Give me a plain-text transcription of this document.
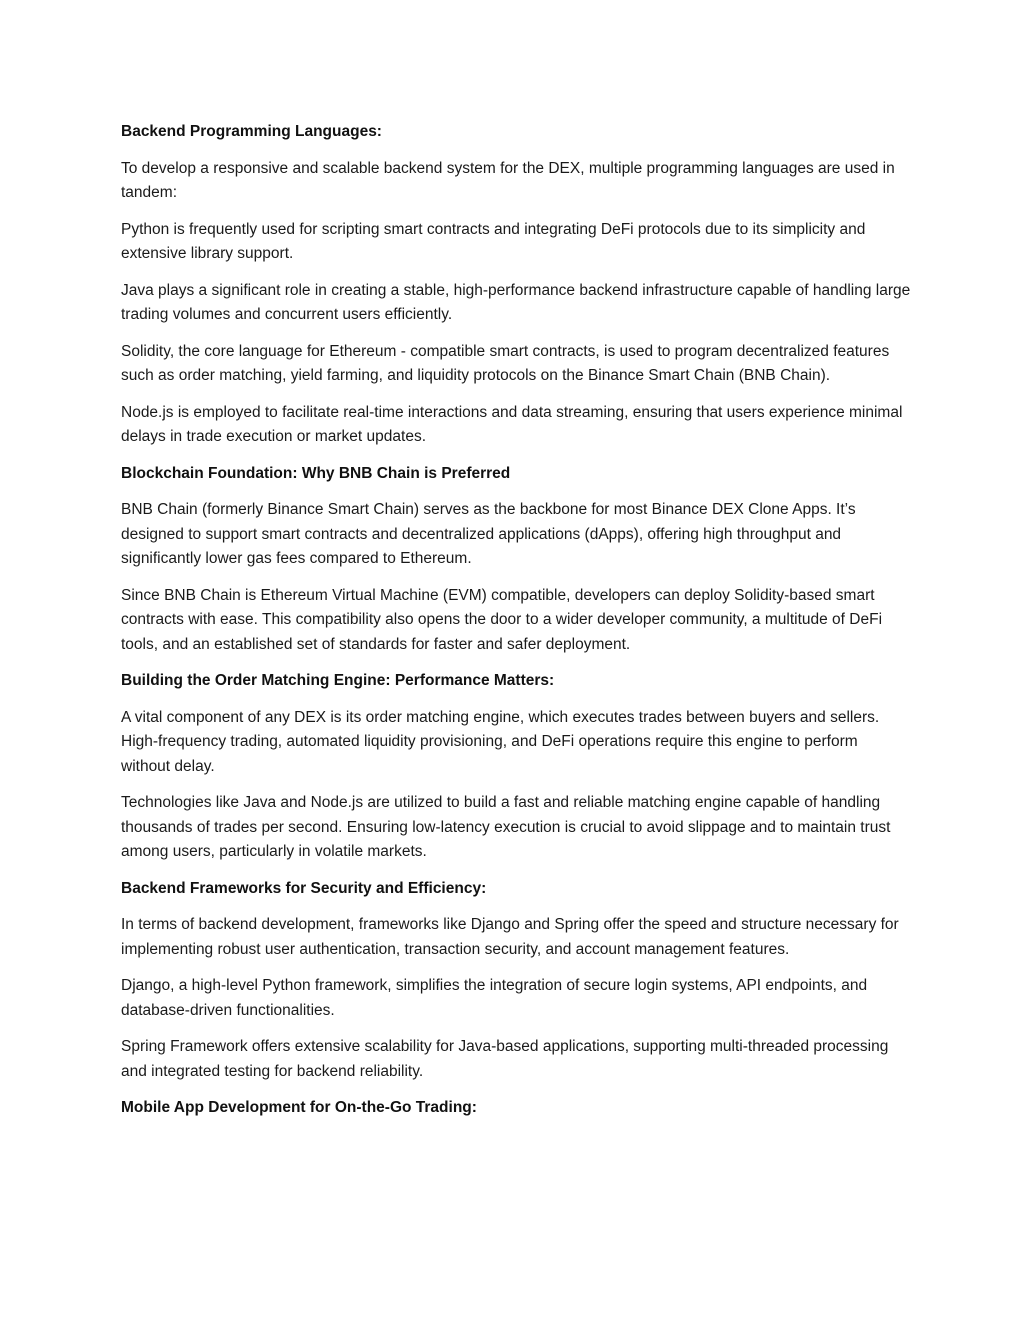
Backend Programming Languages:
To develop a responsive and scalable backend system for the DEX, multiple programming languages are used in tandem:
Python is frequently used for scripting smart contracts and integrating DeFi protocols due to its simplicity and extensive library support.
Java plays a significant role in creating a stable, high-performance backend infrastructure capable of handling large trading volumes and concurrent users efficiently.
Solidity, the core language for Ethereum - compatible smart contracts, is used to program decentralized features such as order matching, yield farming, and liquidity protocols on the Binance Smart Chain (BNB Chain).
Node.js is employed to facilitate real-time interactions and data streaming, ensuring that users experience minimal delays in trade execution or market updates.
Blockchain Foundation: Why BNB Chain is Preferred
BNB Chain (formerly Binance Smart Chain) serves as the backbone for most Binance DEX Clone Apps. It’s designed to support smart contracts and decentralized applications (dApps), offering high throughput and significantly lower gas fees compared to Ethereum.
Since BNB Chain is Ethereum Virtual Machine (EVM) compatible, developers can deploy Solidity-based smart contracts with ease. This compatibility also opens the door to a wider developer community, a multitude of DeFi tools, and an established set of standards for faster and safer deployment.
Building the Order Matching Engine: Performance Matters:
A vital component of any DEX is its order matching engine, which executes trades between buyers and sellers. High-frequency trading, automated liquidity provisioning, and DeFi operations require this engine to perform without delay.
Technologies like Java and Node.js are utilized to build a fast and reliable matching engine capable of handling thousands of trades per second. Ensuring low-latency execution is crucial to avoid slippage and to maintain trust among users, particularly in volatile markets.
Backend Frameworks for Security and Efficiency:
In terms of backend development, frameworks like Django and Spring offer the speed and structure necessary for implementing robust user authentication, transaction security, and account management features.
Django, a high-level Python framework, simplifies the integration of secure login systems, API endpoints, and database-driven functionalities.
Spring Framework offers extensive scalability for Java-based applications, supporting multi-threaded processing and integrated testing for backend reliability.
Mobile App Development for On-the-Go Trading:
